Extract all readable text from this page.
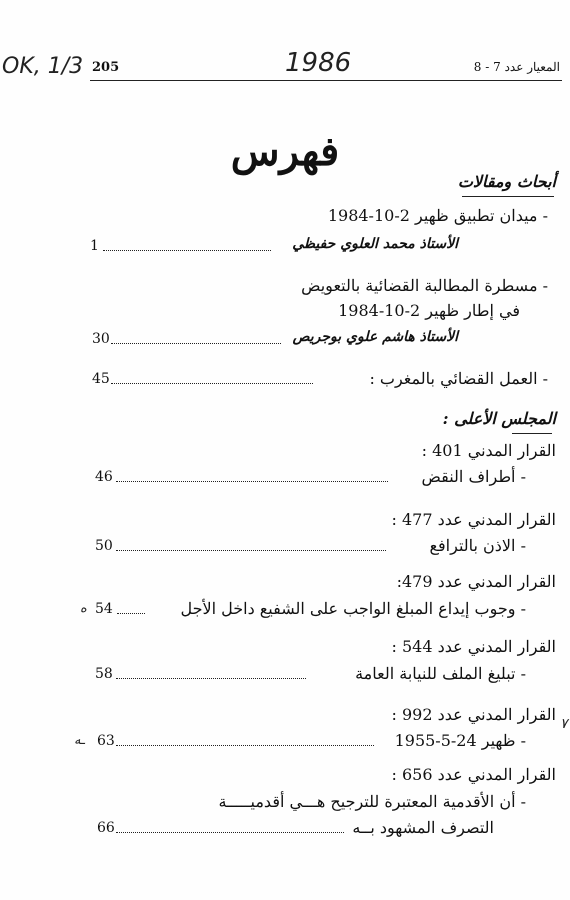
OK, 1/3 205	1986	المعيار عدد 7 - 8
فهرس
أبحاث ومقالات
- ميدان تطبيق ظهير 2-10-1984
الأستاذ محمد العلوي حفيظي
1
- مسطرة المطالبة القضائية بالتعويض
في إطار ظهير 2-10-1984
الأستاذ هاشم علوي بوجريص
30
- العمل القضائي بالمغرب :
45
المجلس الأعلى :
القرار المدني 401 :
- أطراف النقض
46
القرار المدني عدد 477 :
- الاذن بالترافع
50
القرار المدني عدد 479:
- وجوب إيداع المبلغ الواجب على الشفيع داخل الأجل
54
ه
القرار المدني عدد 544 :
- تبليغ الملف للنيابة العامة
58
القرار المدني عدد 992 :
- ظهير 24-5-1955
63
ـه
٧
القرار المدني عدد 656 :
- أن الأقدمية المعتبرة للترجيح هـــي أقدميـــــة
التصرف المشهود بــه
66
